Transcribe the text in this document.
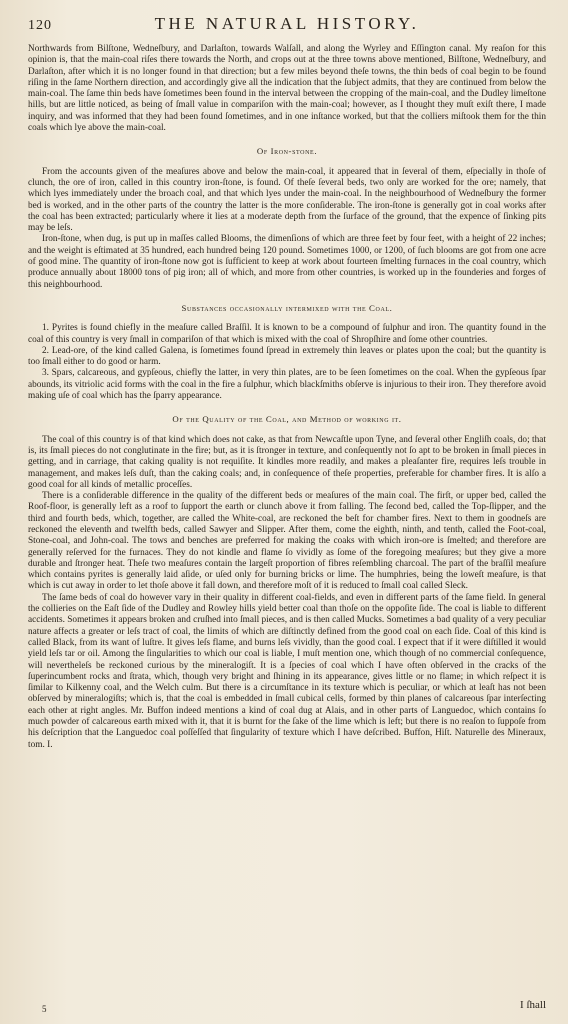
120	THE NATURAL HISTORY.

Northwards from Bilſtone, Wedneſbury, and Darlaſton, towards Walſall, and along the Wyrley and Eſſington canal. My reaſon for this opinion is, that the main-coal riſes there towards the North, and crops out at the three towns above mentioned, Bilſtone, Wedneſbury, and Darlaſton, after which it is no longer found in that direction; but a few miles beyond theſe towns, the thin beds of coal begin to be found riſing in the ſame Northern direction, and accordingly give all the indication that the ſubject admits, that they are continued from below the main-coal. The ſame thin beds have ſometimes been found in the interval between the cropping of the main-coal, and the Dudley limeſtone hills, but are little noticed, as being of ſmall value in compariſon with the main-coal; however, as I thought they muſt exiſt there, I made inquiry, and was informed that they had been found ſometimes, and in one inſtance worked, but that the colliers miſtook them for the thin coals which lye above the main-coal.

Of Iron-stone.

From the accounts given of the meaſures above and below the main-coal, it appeared that in ſeveral of them, eſpecially in thoſe of clunch, the ore of iron, called in this country iron-ſtone, is found. Of theſe ſeveral beds, two only are worked for the ore; namely, that which lyes immediately under the broach coal, and that which lyes under the main-coal. In the neighbourhood of Wedneſbury the former bed is worked, and in the other parts of the country the latter is the more conſiderable. The iron-ſtone is generally got in coal works after the coal has been extracted; particularly where it lies at a moderate depth from the ſurface of the ground, that the expence of ſinking pits may be leſs.

Iron-ſtone, when dug, is put up in maſſes called Blooms, the dimenſions of which are three feet by four feet, with a height of 22 inches; and the weight is eſtimated at 35 hundred, each hundred being 120 pound. Sometimes 1000, or 1200, of ſuch blooms are got from one acre of good mine. The quantity of iron-ſtone now got is ſufficient to keep at work about fourteen ſmelting furnaces in the coal country, which produce annually about 18000 tons of pig iron; all of which, and more from other countries, is worked up in the founderies and forges of this neighbourhood.

Substances occasionally intermixed with the Coal.

1. Pyrites is found chiefly in the meaſure called Braſſil. It is known to be a compound of ſulphur and iron. The quantity found in the coal of this country is very ſmall in compariſon of that which is mixed with the coal of Shropſhire and ſome other countries.

2. Lead-ore, of the kind called Galena, is ſometimes found ſpread in extremely thin leaves or plates upon the coal; but the quantity is too ſmall either to do good or harm.

3. Spars, calcareous, and gypſeous, chiefly the latter, in very thin plates, are to be ſeen ſometimes on the coal. When the gypſeous ſpar abounds, its vitriolic acid forms with the coal in the fire a ſulphur, which blackſmiths obſerve is injurious to their iron. They therefore avoid making uſe of coal which has the ſparry appearance.

Of the Quality of the Coal, and Method of working it.

The coal of this country is of that kind which does not cake, as that from Newcaſtle upon Tyne, and ſeveral other Engliſh coals, do; that is, its ſmall pieces do not conglutinate in the fire; but, as it is ſtronger in texture, and conſequently not ſo apt to be broken in ſmall pieces in getting, and in carriage, that caking quality is not requiſite. It kindles more readily, and makes a pleaſanter fire, requires leſs trouble in management, and makes leſs duſt, than the caking coals; and, in conſequence of theſe properties, preferable for chamber fires. It is alſo a good coal for all kinds of metallic proceſſes.

There is a conſiderable difference in the quality of the different beds or meaſures of the main coal. The firſt, or upper bed, called the Roof-floor, is generally left as a roof to ſupport the earth or clunch above it from falling. The ſecond bed, called the Top-ſlipper, and the third and fourth beds, which, together, are called the White-coal, are reckoned the beſt for chamber fires. Next to them in goodneſs are reckoned the eleventh and twelfth beds, called Sawyer and Slipper. After them, come the eighth, ninth, and tenth, called the Foot-coal, Stone-coal, and John-coal. The tows and benches are preferred for making the coaks with which iron-ore is ſmelted; and therefore are generally reſerved for the furnaces. They do not kindle and flame ſo vividly as ſome of the foregoing meaſures; but they give a more durable and ſtronger heat. Theſe two meaſures contain the largeſt proportion of fibres reſembling charcoal. The part of the braſſil meaſure which contains pyrites is generally laid aſide, or uſed only for burning bricks or lime. The humphries, being the loweſt meaſure, is that which is cut away in order to let thoſe above it fall down, and therefore moſt of it is reduced to ſmall coal called Sleck.

The ſame beds of coal do however vary in their quality in different coal-fields, and even in different parts of the ſame field. In general the collieries on the Eaſt ſide of the Dudley and Rowley hills yield better coal than thoſe on the oppoſite ſide. The coal is liable to different accidents. Sometimes it appears broken and cruſhed into ſmall pieces, and is then called Mucks. Sometimes a bad quality of a very peculiar nature affects a greater or leſs tract of coal, the limits of which are diſtinctly defined from the good coal on each ſide. Coal of this kind is called Black, from its want of luſtre. It gives leſs flame, and burns leſs vividly, than the good coal. I expect that if it were diſtilled it would yield leſs tar or oil. Among the ſingularities to which our coal is liable, I muſt mention one, which though of no commercial conſequence, will nevertheleſs be reckoned curious by the mineralogiſt. It is a ſpecies of coal which I have often obſerved in the cracks of the ſuperincumbent rocks and ſtrata, which, though very bright and ſhining in its appearance, gives little or no flame; in which reſpect it is ſimilar to Kilkenny coal, and the Welch culm. But there is a circumſtance in its texture which is peculiar, or which at leaſt has not been obſerved by mineralogiſts; which is, that the coal is embedded in ſmall cubical cells, formed by thin planes of calcareous ſpar interſecting each other at right angles. Mr. Buffon indeed mentions a kind of coal dug at Alais, and in other parts of Languedoc, which contains ſo much powder of calcareous earth mixed with it, that it is burnt for the ſake of the lime which is left; but there is no reaſon to ſuppoſe from his deſcription that the Languedoc coal poſſeſſed that ſingularity of texture which I have deſcribed. Buffon, Hiſt. Naturelle des Mineraux, tom. I.

5	I ſhall
